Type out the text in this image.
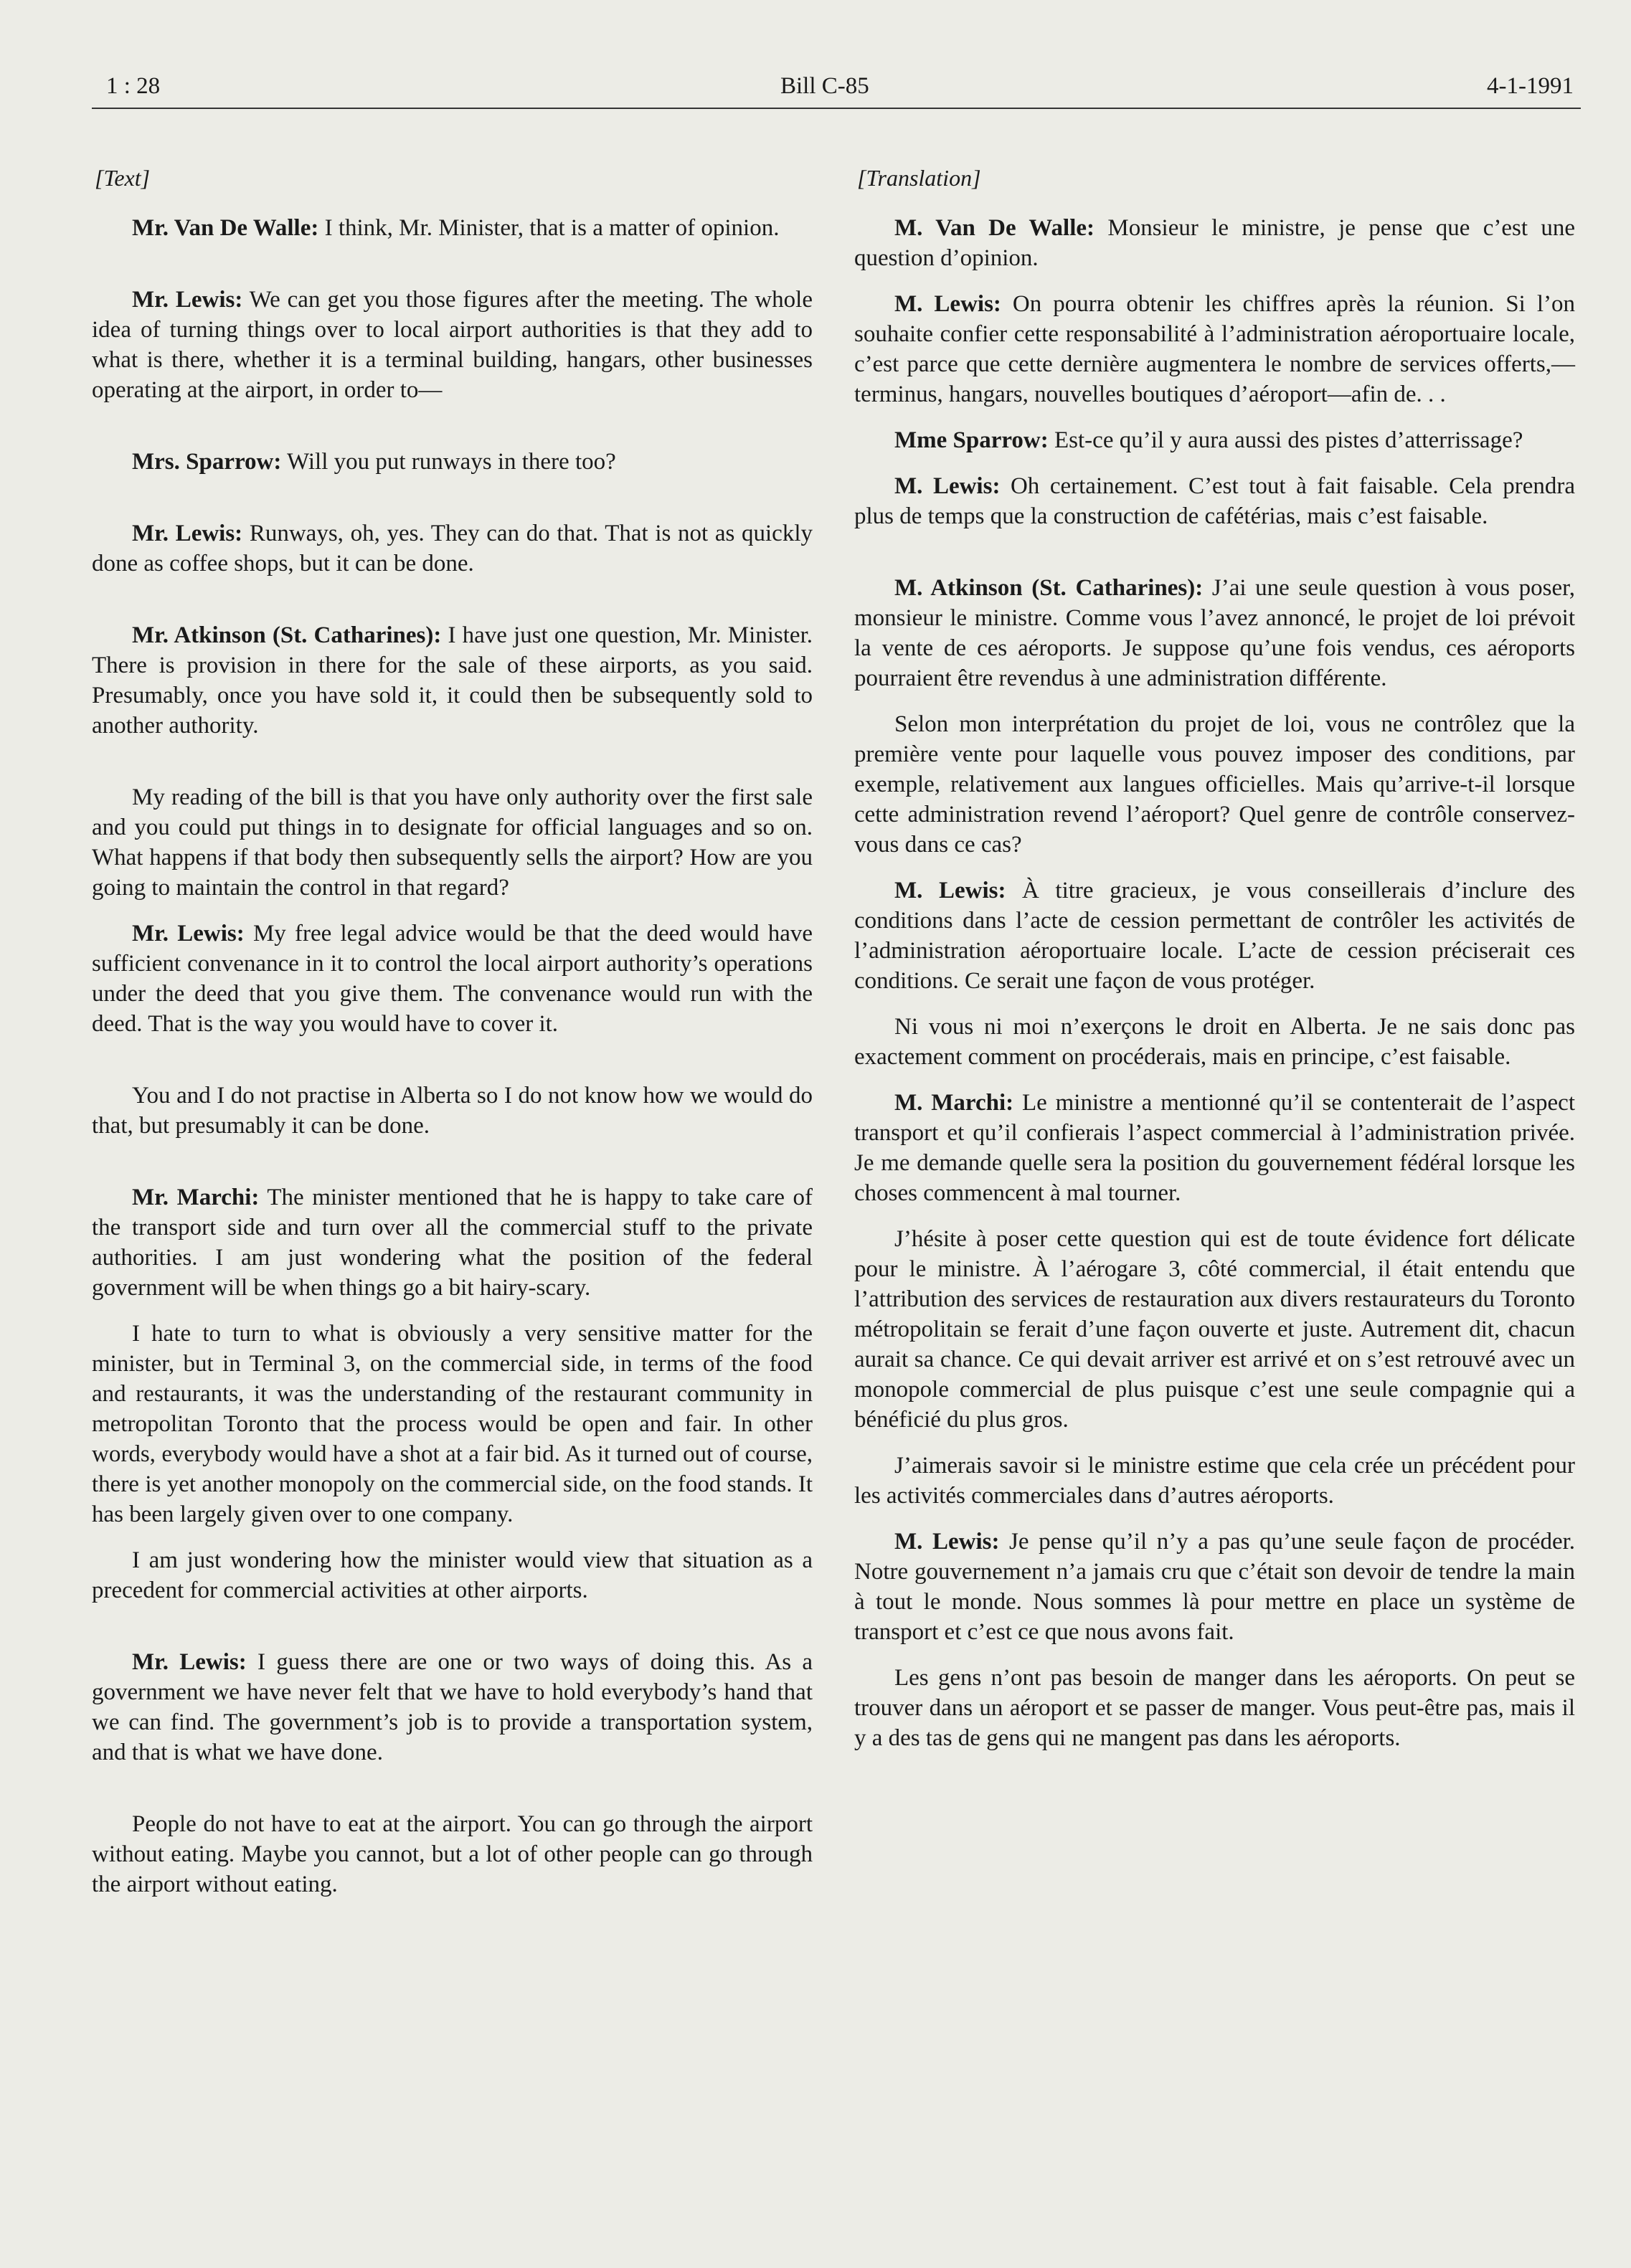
1 : 28	Bill C-85	4-1-1991
[Text]

Mr. Van De Walle: I think, Mr. Minister, that is a matter of opinion.

Mr. Lewis: We can get you those figures after the meeting. The whole idea of turning things over to local airport authorities is that they add to what is there, whether it is a terminal building, hangars, other businesses operating at the airport, in order to—

Mrs. Sparrow: Will you put runways in there too?

Mr. Lewis: Runways, oh, yes. They can do that. That is not as quickly done as coffee shops, but it can be done.

Mr. Atkinson (St. Catharines): I have just one question, Mr. Minister. There is provision in there for the sale of these airports, as you said. Presumably, once you have sold it, it could then be subsequently sold to another authority.

My reading of the bill is that you have only authority over the first sale and you could put things in to designate for official languages and so on. What happens if that body then subsequently sells the airport? How are you going to maintain the control in that regard?

Mr. Lewis: My free legal advice would be that the deed would have sufficient convenance in it to control the local airport authority’s operations under the deed that you give them. The convenance would run with the deed. That is the way you would have to cover it.

You and I do not practise in Alberta so I do not know how we would do that, but presumably it can be done.

Mr. Marchi: The minister mentioned that he is happy to take care of the transport side and turn over all the commercial stuff to the private authorities. I am just wondering what the position of the federal government will be when things go a bit hairy-scary.

I hate to turn to what is obviously a very sensitive matter for the minister, but in Terminal 3, on the commercial side, in terms of the food and restaurants, it was the understanding of the restaurant community in metropolitan Toronto that the process would be open and fair. In other words, everybody would have a shot at a fair bid. As it turned out of course, there is yet another monopoly on the commercial side, on the food stands. It has been largely given over to one company.

I am just wondering how the minister would view that situation as a precedent for commercial activities at other airports.

Mr. Lewis: I guess there are one or two ways of doing this. As a government we have never felt that we have to hold everybody’s hand that we can find. The government’s job is to provide a transportation system, and that is what we have done.

People do not have to eat at the airport. You can go through the airport without eating. Maybe you cannot, but a lot of other people can go through the airport without eating.

[Translation]

M. Van De Walle: Monsieur le ministre, je pense que c’est une question d’opinion.

M. Lewis: On pourra obtenir les chiffres après la réunion. Si l’on souhaite confier cette responsabilité à l’administration aéroportuaire locale, c’est parce que cette dernière augmentera le nombre de services offerts,—terminus, hangars, nouvelles boutiques d’aéroport—afin de. . .

Mme Sparrow: Est-ce qu’il y aura aussi des pistes d’atterrissage?

M. Lewis: Oh certainement. C’est tout à fait faisable. Cela prendra plus de temps que la construction de cafétérias, mais c’est faisable.

M. Atkinson (St. Catharines): J’ai une seule question à vous poser, monsieur le ministre. Comme vous l’avez annoncé, le projet de loi prévoit la vente de ces aéroports. Je suppose qu’une fois vendus, ces aéroports pourraient être revendus à une administration différente.

Selon mon interprétation du projet de loi, vous ne contrôlez que la première vente pour laquelle vous pouvez imposer des conditions, par exemple, relativement aux langues officielles. Mais qu’arrive-t-il lorsque cette administration revend l’aéroport? Quel genre de contrôle conservez-vous dans ce cas?

M. Lewis: À titre gracieux, je vous conseillerais d’inclure des conditions dans l’acte de cession permettant de contrôler les activités de l’administration aéroportuaire locale. L’acte de cession préciserait ces conditions. Ce serait une façon de vous protéger.

Ni vous ni moi n’exerçons le droit en Alberta. Je ne sais donc pas exactement comment on procéderais, mais en principe, c’est faisable.

M. Marchi: Le ministre a mentionné qu’il se contenterait de l’aspect transport et qu’il confierais l’aspect commercial à l’administration privée. Je me demande quelle sera la position du gouvernement fédéral lorsque les choses commencent à mal tourner.

J’hésite à poser cette question qui est de toute évidence fort délicate pour le ministre. À l’aérogare 3, côté commercial, il était entendu que l’attribution des services de restauration aux divers restaurateurs du Toronto métropolitain se ferait d’une façon ouverte et juste. Autrement dit, chacun aurait sa chance. Ce qui devait arriver est arrivé et on s’est retrouvé avec un monopole commercial de plus puisque c’est une seule compagnie qui a bénéficié du plus gros.

J’aimerais savoir si le ministre estime que cela crée un précédent pour les activités commerciales dans d’autres aéroports.

M. Lewis: Je pense qu’il n’y a pas qu’une seule façon de procéder. Notre gouvernement n’a jamais cru que c’était son devoir de tendre la main à tout le monde. Nous sommes là pour mettre en place un système de transport et c’est ce que nous avons fait.

Les gens n’ont pas besoin de manger dans les aéroports. On peut se trouver dans un aéroport et se passer de manger. Vous peut-être pas, mais il y a des tas de gens qui ne mangent pas dans les aéroports.
